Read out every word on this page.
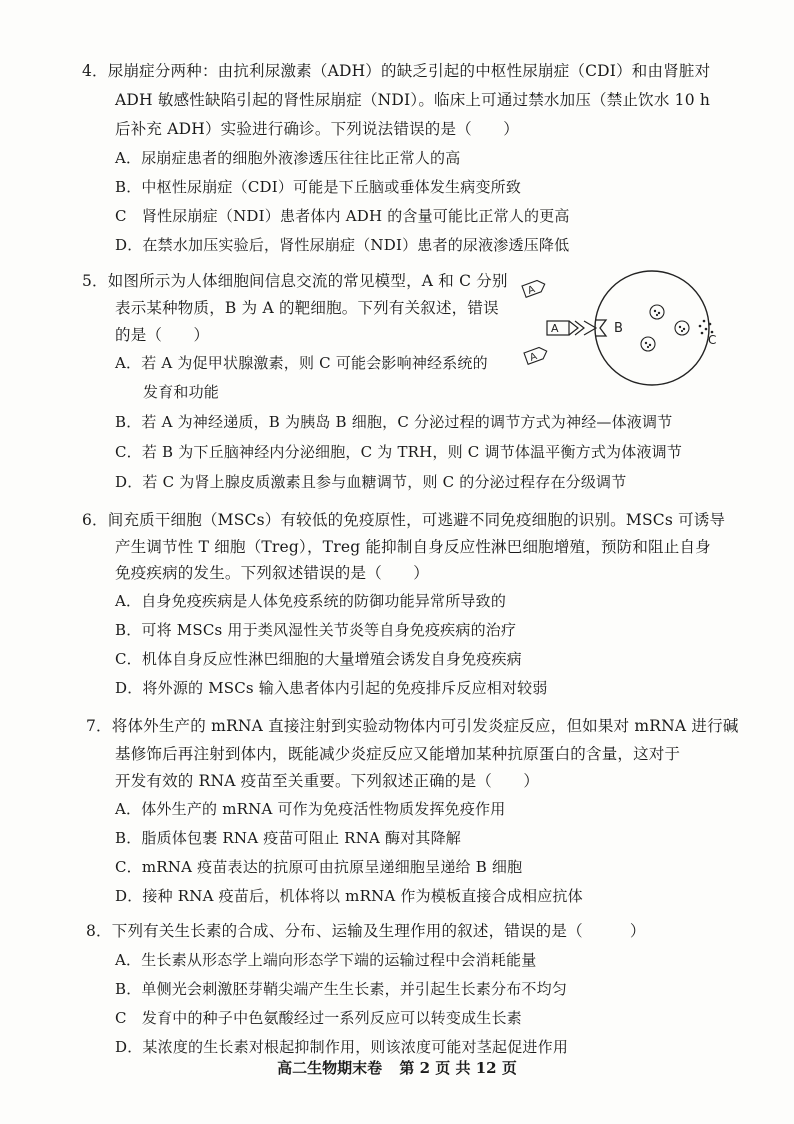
4．尿崩症分两种：由抗利尿激素（ADH）的缺乏引起的中枢性尿崩症（CDI）和由肾脏对
ADH 敏感性缺陷引起的肾性尿崩症（NDI）。临床上可通过禁水加压（禁止饮水 10 h
后补充 ADH）实验进行确诊。下列说法错误的是（　　）
A．尿崩症患者的细胞外液渗透压往往比正常人的高
B．中枢性尿崩症（CDI）可能是下丘脑或垂体发生病变所致
C　肾性尿崩症（NDI）患者体内 ADH 的含量可能比正常人的更高
D．在禁水加压实验后，肾性尿崩症（NDI）患者的尿液渗透压降低
5．如图所示为人体细胞间信息交流的常见模型，A 和 C 分别
表示某种物质，B 为 A 的靶细胞。下列有关叙述，错误
的是（　　）
A．若 A 为促甲状腺激素，则 C 可能会影响神经系统的
发育和功能
B．若 A 为神经递质，B 为胰岛 B 细胞，C 分泌过程的调节方式为神经—体液调节
C．若 B 为下丘脑神经内分泌细胞，C 为 TRH，则 C 调节体温平衡方式为体液调节
D．若 C 为肾上腺皮质激素且参与血糖调节，则 C 的分泌过程存在分级调节
A
A
A
B
C
6．间充质干细胞（MSCs）有较低的免疫原性，可逃避不同免疫细胞的识别。MSCs 可诱导
产生调节性 T 细胞（Treg），Treg 能抑制自身反应性淋巴细胞增殖，预防和阻止自身
免疫疾病的发生。下列叙述错误的是（　　）
A．自身免疫疾病是人体免疫系统的防御功能异常所导致的
B．可将 MSCs 用于类风湿性关节炎等自身免疫疾病的治疗
C．机体自身反应性淋巴细胞的大量增殖会诱发自身免疫疾病
D．将外源的 MSCs 输入患者体内引起的免疫排斥反应相对较弱
7．将体外生产的 mRNA 直接注射到实验动物体内可引发炎症反应，但如果对 mRNA 进行碱
基修饰后再注射到体内，既能减少炎症反应又能增加某种抗原蛋白的含量，这对于
开发有效的 RNA 疫苗至关重要。下列叙述正确的是（　　）
A．体外生产的 mRNA 可作为免疫活性物质发挥免疫作用
B．脂质体包裹 RNA 疫苗可阻止 RNA 酶对其降解
C．mRNA 疫苗表达的抗原可由抗原呈递细胞呈递给 B 细胞
D．接种 RNA 疫苗后，机体将以 mRNA 作为模板直接合成相应抗体
8．下列有关生长素的合成、分布、运输及生理作用的叙述，错误的是（　　　）
A．生长素从形态学上端向形态学下端的运输过程中会消耗能量
B．单侧光会刺激胚芽鞘尖端产生生长素，并引起生长素分布不均匀
C　发育中的种子中色氨酸经过一系列反应可以转变成生长素
D．某浓度的生长素对根起抑制作用，则该浓度可能对茎起促进作用
高二生物期末卷 第 2 页 共 12 页
